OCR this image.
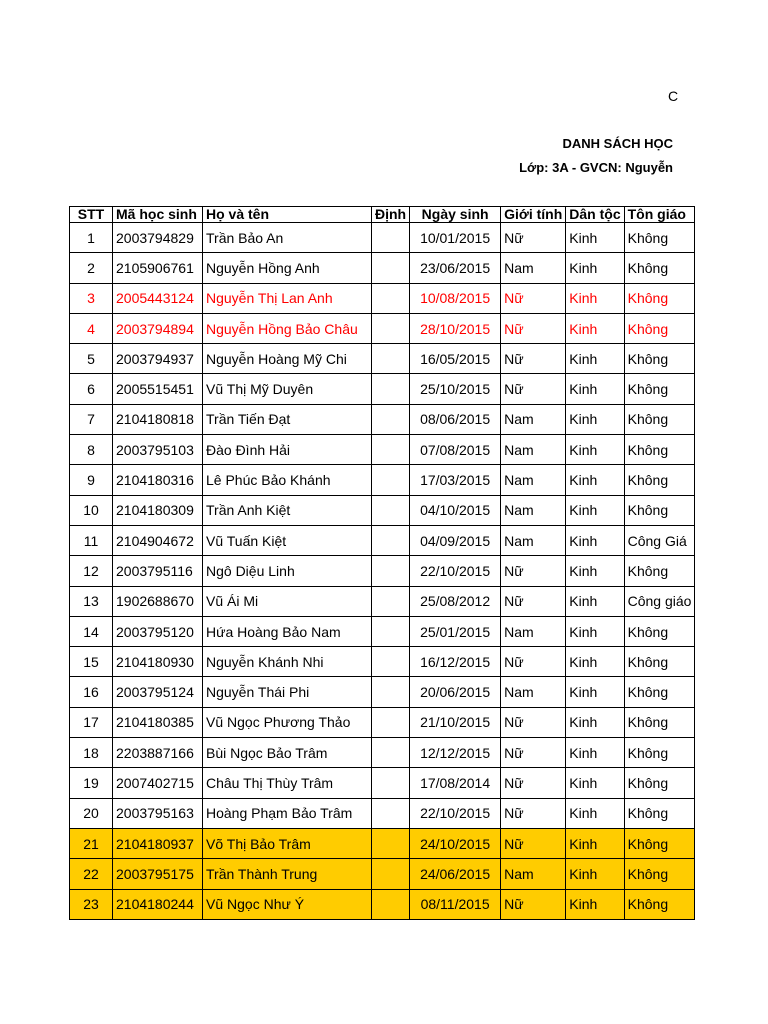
C
DANH SÁCH HỌC
Lớp: 3A - GVCN: Nguyễn
STT	Mã học sinh	Họ và tên	Định	Ngày sinh	Giới tính	Dân tộc	Tôn giáo
1	2003794829	Trần Bảo An		10/01/2015	Nữ	Kinh	Không
2	2105906761	Nguyễn Hồng Anh		23/06/2015	Nam	Kinh	Không
3	2005443124	Nguyễn Thị Lan Anh		10/08/2015	Nữ	Kinh	Không
4	2003794894	Nguyễn Hồng Bảo Châu		28/10/2015	Nữ	Kinh	Không
5	2003794937	Nguyễn Hoàng Mỹ Chi		16/05/2015	Nữ	Kinh	Không
6	2005515451	Vũ Thị Mỹ Duyên		25/10/2015	Nữ	Kinh	Không
7	2104180818	Trần Tiến Đạt		08/06/2015	Nam	Kinh	Không
8	2003795103	Đào Đình Hải		07/08/2015	Nam	Kinh	Không
9	2104180316	Lê Phúc Bảo Khánh		17/03/2015	Nam	Kinh	Không
10	2104180309	Trần Anh Kiệt		04/10/2015	Nam	Kinh	Không
11	2104904672	Vũ Tuấn Kiệt		04/09/2015	Nam	Kinh	Công Giá
12	2003795116	Ngô Diệu Linh		22/10/2015	Nữ	Kinh	Không
13	1902688670	Vũ Ái Mi		25/08/2012	Nữ	Kinh	Công giáo
14	2003795120	Hứa Hoàng Bảo Nam		25/01/2015	Nam	Kinh	Không
15	2104180930	Nguyễn Khánh Nhi		16/12/2015	Nữ	Kinh	Không
16	2003795124	Nguyễn Thái Phi		20/06/2015	Nam	Kinh	Không
17	2104180385	Vũ Ngọc Phương Thảo		21/10/2015	Nữ	Kinh	Không
18	2203887166	Bùi Ngọc Bảo Trâm		12/12/2015	Nữ	Kinh	Không
19	2007402715	Châu Thị Thùy Trâm		17/08/2014	Nữ	Kinh	Không
20	2003795163	Hoàng Phạm Bảo Trâm		22/10/2015	Nữ	Kinh	Không
21	2104180937	Võ Thị Bảo Trâm		24/10/2015	Nữ	Kinh	Không
22	2003795175	Trần Thành Trung		24/06/2015	Nam	Kinh	Không
23	2104180244	Vũ Ngọc Như Ý		08/11/2015	Nữ	Kinh	Không
